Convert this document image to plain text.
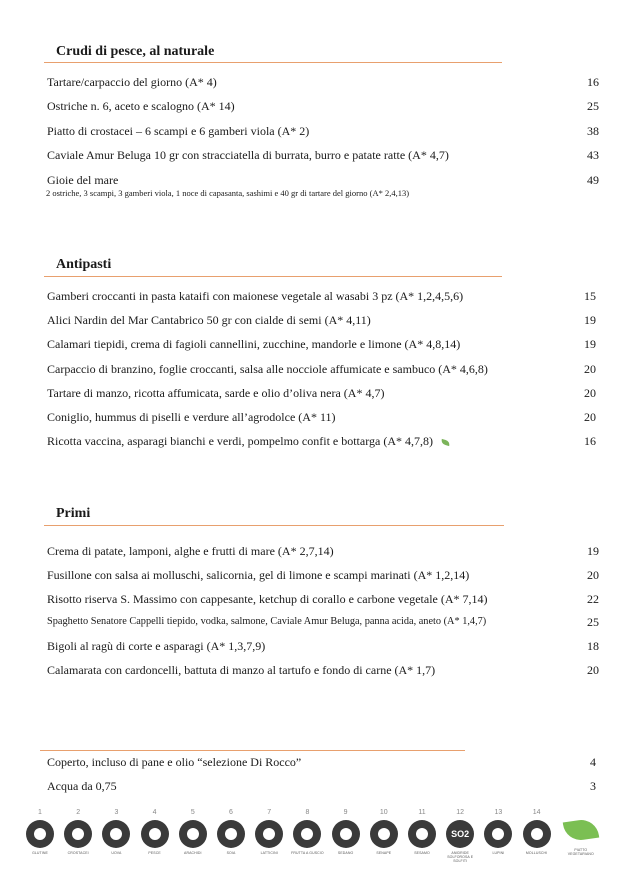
Crudi di pesce, al naturale
Tartare/carpaccio del giorno (A* 4)	16
Ostriche n. 6, aceto e scalogno (A* 14)	25
Piatto di crostacei – 6 scampi e 6 gamberi viola (A* 2)	38
Caviale Amur Beluga 10 gr con stracciatella di burrata, burro e patate ratte (A* 4,7)	43
Gioie del mare	49
2 ostriche, 3 scampi, 3 gamberi viola, 1 noce di capasanta, sashimi e 40 gr di tartare del giorno (A* 2,4,13)
Antipasti
Gamberi croccanti in pasta kataifi con maionese vegetale al wasabi 3 pz (A* 1,2,4,5,6)	15
Alici Nardin del Mar Cantabrico 50 gr con cialde di semi (A* 4,11)	19
Calamari tiepidi, crema di fagioli cannellini, zucchine, mandorle e limone (A* 4,8,14)	19
Carpaccio di branzino, foglie croccanti, salsa alle nocciole affumicate e sambuco (A* 4,6,8)	20
Tartare di manzo, ricotta affumicata, sarde e olio d’oliva nera (A* 4,7)	20
Coniglio, hummus di piselli e verdure all’agrodolce (A* 11)	20
Ricotta vaccina, asparagi bianchi e verdi, pompelmo confit e bottarga (A* 4,7,8)	16
Primi
Crema di patate, lamponi, alghe e frutti di mare (A* 2,7,14)	19
Fusillone con salsa ai molluschi, salicornia, gel di limone e scampi marinati (A* 1,2,14)	20
Risotto riserva S. Massimo con cappesante, ketchup di corallo e carbone vegetale (A* 7,14)	22
Spaghetto Senatore Cappelli tiepido, vodka, salmone, Caviale Amur Beluga, panna acida, aneto (A* 1,4,7)	25
Bigoli al ragù di corte e asparagi (A* 1,3,7,9)	18
Calamarata con cardoncelli, battuta di manzo al tartufo e fondo di carne (A* 1,7)	20
Coperto, incluso di pane e olio “selezione Di Rocco”	4
Acqua da 0,75	3
1
GLUTINE
2
CROSTACEI
3
UOVA
4
PESCE
5
ARACHIDI
6
SOIA
7
LATTICINI
8
FRUTTA A GUSCIO
9
SEDANO
10
SENAPE
11
SESAMO
12
SO2
ANIDRIDE SOLFOROSA E SOLFITI
13
LUPINI
14
MOLLUSCHI
PIATTO VEGETARIANO
